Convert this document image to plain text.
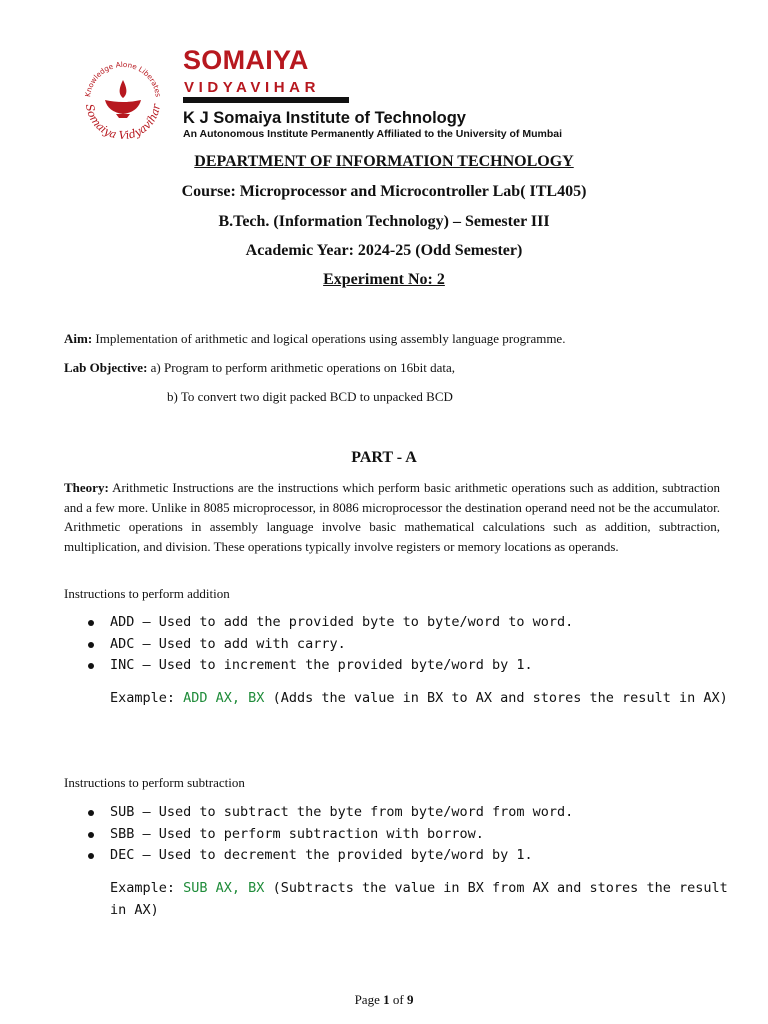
Knowledge Alone Liberates
Somaiya Vidyavihar
SOMAIYA
VIDYAVIHAR
K J Somaiya Institute of Technology
An Autonomous Institute Permanently Affiliated to the University of Mumbai
DEPARTMENT OF INFORMATION TECHNOLOGY
Course: Microprocessor and Microcontroller Lab( ITL405)
B.Tech. (Information Technology) – Semester III
Academic Year: 2024-25 (Odd Semester)
Experiment No: 2
Aim: Implementation of arithmetic and logical operations using assembly language programme.
Lab Objective: a) Program to perform arithmetic operations on 16bit data,
b) To convert two digit packed BCD to unpacked BCD
PART - A
Theory: Arithmetic Instructions are the instructions which perform basic arithmetic operations such as addition, subtraction and a few more. Unlike in 8085 microprocessor, in 8086 microprocessor the destination operand need not be the accumulator. Arithmetic operations in assembly language involve basic mathematical calculations such as addition, subtraction, multiplication, and division. These operations typically involve registers or memory locations as operands.
Instructions to perform addition
ADD – Used to add the provided byte to byte/word to word.
ADC – Used to add with carry.
INC – Used to increment the provided byte/word by 1.
Example: ADD AX, BX (Adds the value in BX to AX and stores the result in AX)
Instructions to perform subtraction
SUB – Used to subtract the byte from byte/word from word.
SBB – Used to perform subtraction with borrow.
DEC – Used to decrement the provided byte/word by 1.
Example: SUB AX, BX (Subtracts the value in BX from AX and stores the result in AX)
Page 1 of 9
